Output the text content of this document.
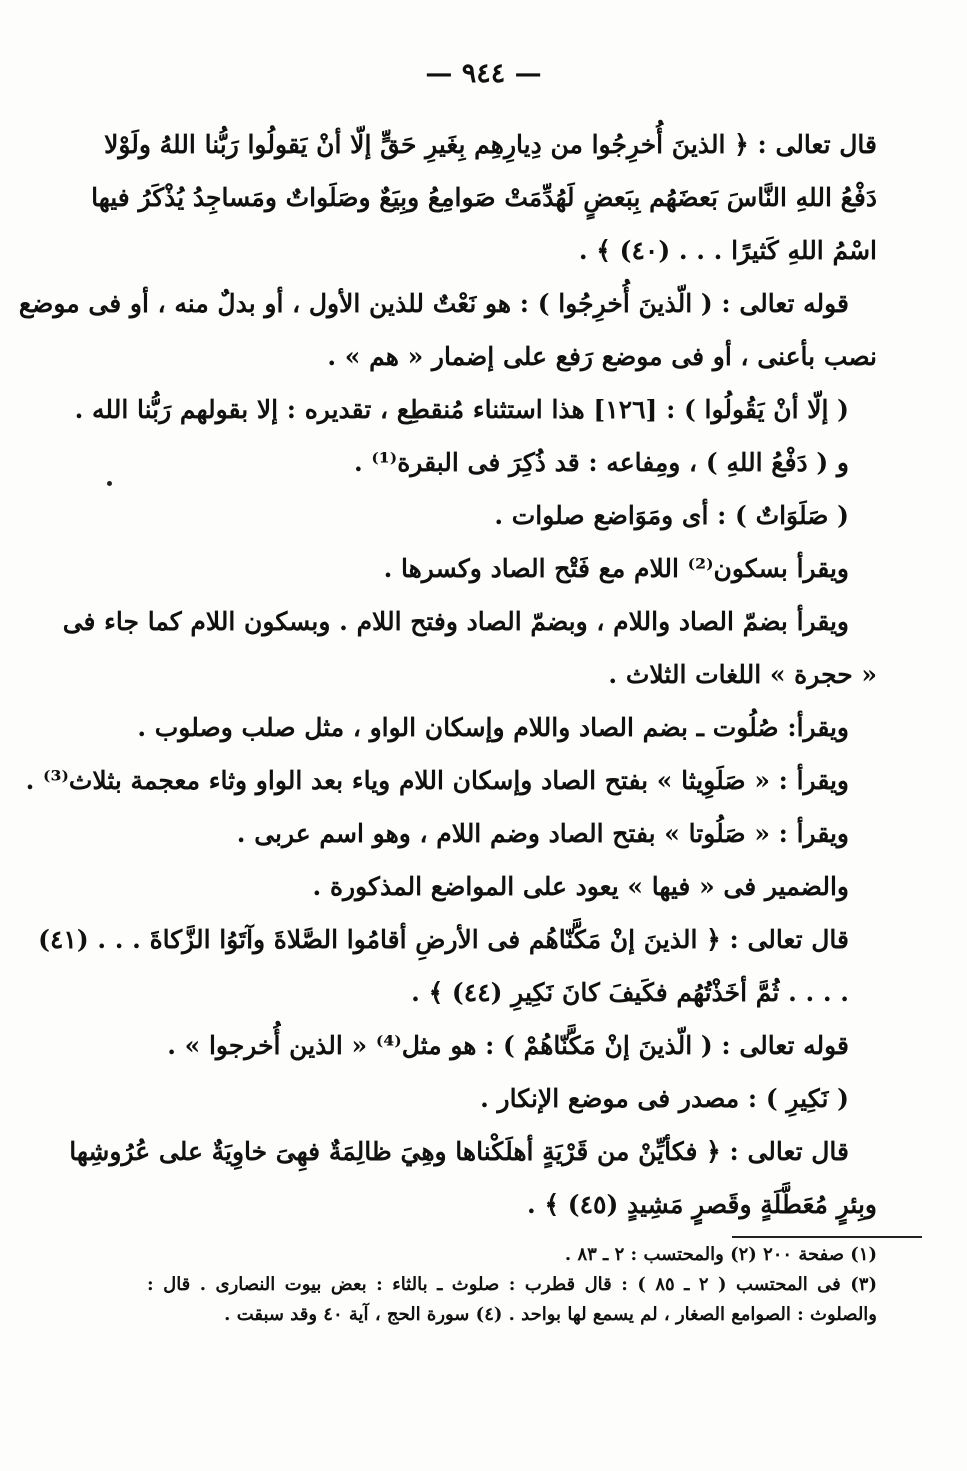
— ٩٤٤ —
قال تعالى : ﴿ الذينَ أُخرِجُوا من دِيارِهِم بِغَيرِ حَقٍّ إلّا أنْ يَقولُوا رَبُّنا اللهُ ولَوْلا
دَفْعُ اللهِ النَّاسَ بَعضَهُم بِبَعضٍ لَهُدِّمَتْ صَوامِعُ وبِيَعٌ وصَلَواتٌ ومَساجِدُ يُذْكَرُ فيها
اسْمُ اللهِ كَثيرًا . . . (٤٠) ﴾ .
قوله تعالى : ( الّذينَ أُخرِجُوا ) : هو نَعْتٌ للذين الأول ، أو بدلٌ منه ، أو فى موضع
نصب بأعنى ، أو فى موضع رَفع على إضمار « هم » .
( إلّا أنْ يَقُولُوا ) : [١٢٦] هذا استثناء مُنقطِع ، تقديره : إلا بقولهم رَبُّنا الله .
و ( دَفْعُ اللهِ ) ، ومِفاعه : قد ذُكِرَ فى البقرة⁽¹⁾ .
( صَلَوَاتٌ ) : أى ومَوَاضع صلوات .
ويقرأ بسكون⁽²⁾ اللام مع فَتْح الصاد وكسرها .
ويقرأ بضمّ الصاد واللام ، وبضمّ الصاد وفتح اللام . وبسكون اللام كما جاء فى
« حجرة » اللغات الثلاث .
ويقرأ: صُلُوت ـ بضم الصاد واللام وإسكان الواو ، مثل صلب وصلوب .
ويقرأ : « صَلَوِيثا » بفتح الصاد وإسكان اللام وياء بعد الواو وثاء معجمة بثلاث⁽³⁾ .
ويقرأ : « صَلُوتا » بفتح الصاد وضم اللام ، وهو اسم عربى .
والضمير فى « فيها » يعود على المواضع المذكورة .
قال تعالى : ﴿ الذينَ إنْ مَكَّنّاهُم فى الأرضِ أقامُوا الصَّلاةَ وآتَوُا الزَّكاةَ . . . (٤١)
. . . . ثُمَّ أخَذْتُهُم فكَيفَ كانَ نَكِيرِ (٤٤) ﴾ .
قوله تعالى : ( الّذينَ إنْ مَكَّنّاهُمْ ) : هو مثل⁽⁴⁾ « الذين أُخرجوا » .
( نَكِيرِ ) : مصدر فى موضع الإنكار .
قال تعالى : ﴿ فكأيِّنْ من قَرْيَةٍ أهلَكْناها وهِيَ ظالِمَةٌ فهِىَ خاوِيَةٌ على عُرُوشِها
وبِئرٍ مُعَطَّلَةٍ وقَصرٍ مَشِيدٍ (٤٥) ﴾ .
(١) صفحة ٢٠٠ (٢) والمحتسب : ٢ ـ ٨٣ .
(٣) فى المحتسب ( ٢ ـ ٨٥ ) : قال قطرب : صلوث ـ بالثاء : بعض بيوت النصارى . قال :
والصلوث : الصوامع الصغار ، لم يسمع لها بواحد . (٤) سورة الحج ، آية ٤٠ وقد سبقت .
